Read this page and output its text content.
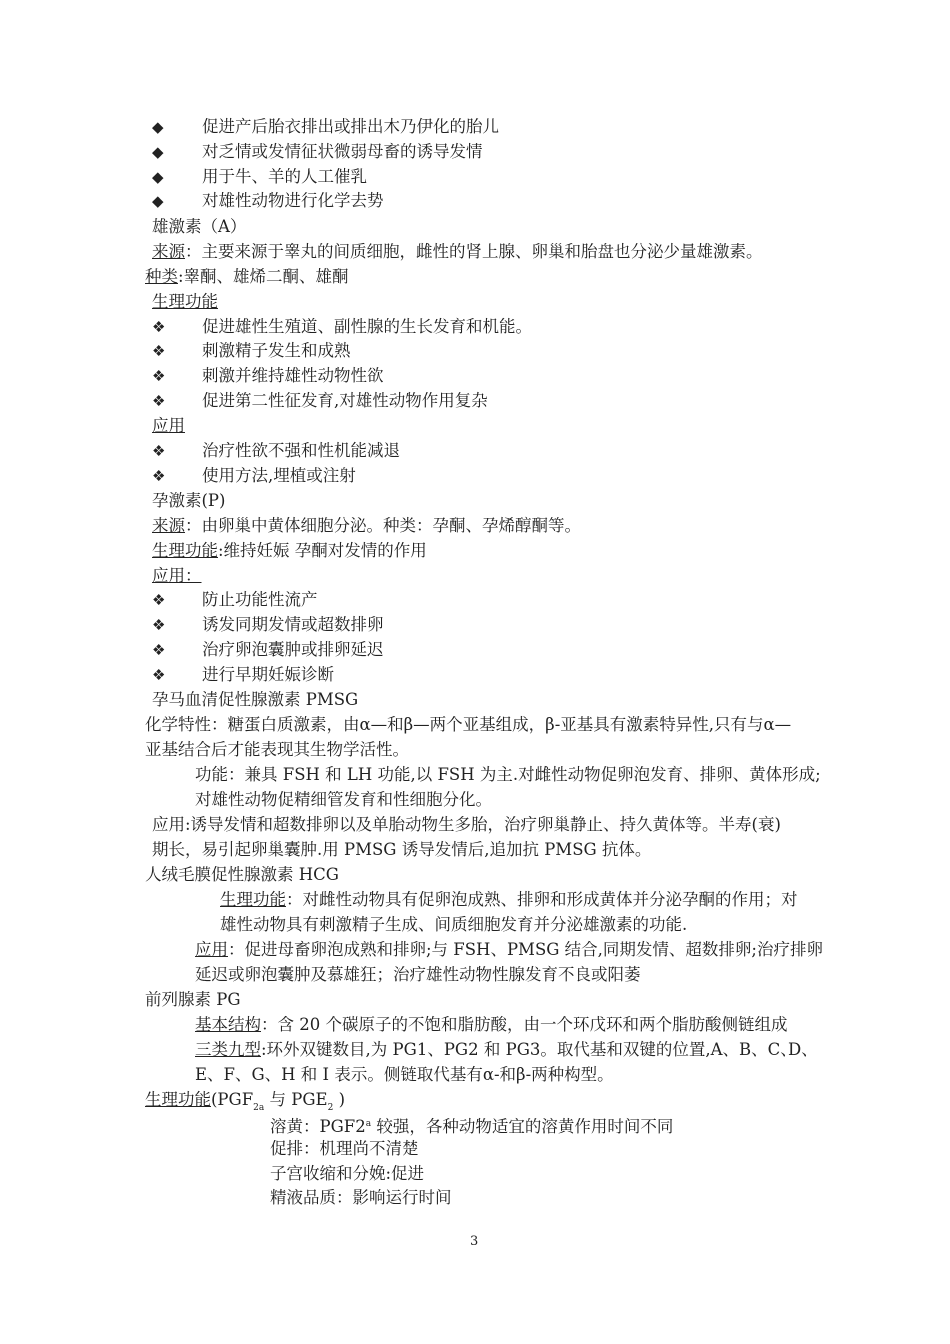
◆ 促进产后胎衣排出或排出木乃伊化的胎儿
◆ 对乏情或发情征状微弱母畜的诱导发情
◆ 用于牛、羊的人工催乳
◆ 对雄性动物进行化学去势
雄激素（A）
来源：主要来源于睾丸的间质细胞，雌性的肾上腺、卵巢和胎盘也分泌少量雄激素。
种类:睾酮、雄烯二酮、雄酮
生理功能
❖ 促进雄性生殖道、副性腺的生长发育和机能。
❖ 刺激精子发生和成熟
❖ 刺激并维持雄性动物性欲
❖ 促进第二性征发育,对雄性动物作用复杂
应用
❖ 治疗性欲不强和性机能减退
❖ 使用方法,埋植或注射
孕激素(P)
来源：由卵巢中黄体细胞分泌。种类：孕酮、孕烯醇酮等。
生理功能:维持妊娠 孕酮对发情的作用
应用：
❖ 防止功能性流产
❖ 诱发同期发情或超数排卵
❖ 治疗卵泡囊肿或排卵延迟
❖ 进行早期妊娠诊断
孕马血清促性腺激素 PMSG
化学特性：糖蛋白质激素，由α—和β—两个亚基组成，β-亚基具有激素特异性,只有与α—
亚基结合后才能表现其生物学活性。
功能：兼具 FSH 和 LH 功能,以 FSH 为主.对雌性动物促卵泡发育、排卵、黄体形成;
对雄性动物促精细管发育和性细胞分化。
应用:诱导发情和超数排卵以及单胎动物生多胎，治疗卵巢静止、持久黄体等。半寿(衰)
期长，易引起卵巢囊肿.用 PMSG 诱导发情后,追加抗 PMSG 抗体。
人绒毛膜促性腺激素 HCG
生理功能：对雌性动物具有促卵泡成熟、排卵和形成黄体并分泌孕酮的作用；对
雄性动物具有刺激精子生成、间质细胞发育并分泌雄激素的功能.
应用：促进母畜卵泡成熟和排卵;与 FSH、PMSG 结合,同期发情、超数排卵;治疗排卵
延迟或卵泡囊肿及慕雄狂；治疗雄性动物性腺发育不良或阳萎
前列腺素 PG
基本结构：含 20 个碳原子的不饱和脂肪酸，由一个环戊环和两个脂肪酸侧链组成
三类九型:环外双键数目,为 PG1、PG2 和 PG3。取代基和双键的位置,A、B、C、
D、
E、F、G、H 和 I 表示。侧链取代基有α-和β-两种构型。
生理功能($PGF_{2a}$ 与 $PGE_2$ )
溶黄：PGF2$^a$ 较强，各种动物适宜的溶黄作用时间不同
促排：机理尚不清楚
子宫收缩和分娩:促进
精液品质：影响运行时间
3
